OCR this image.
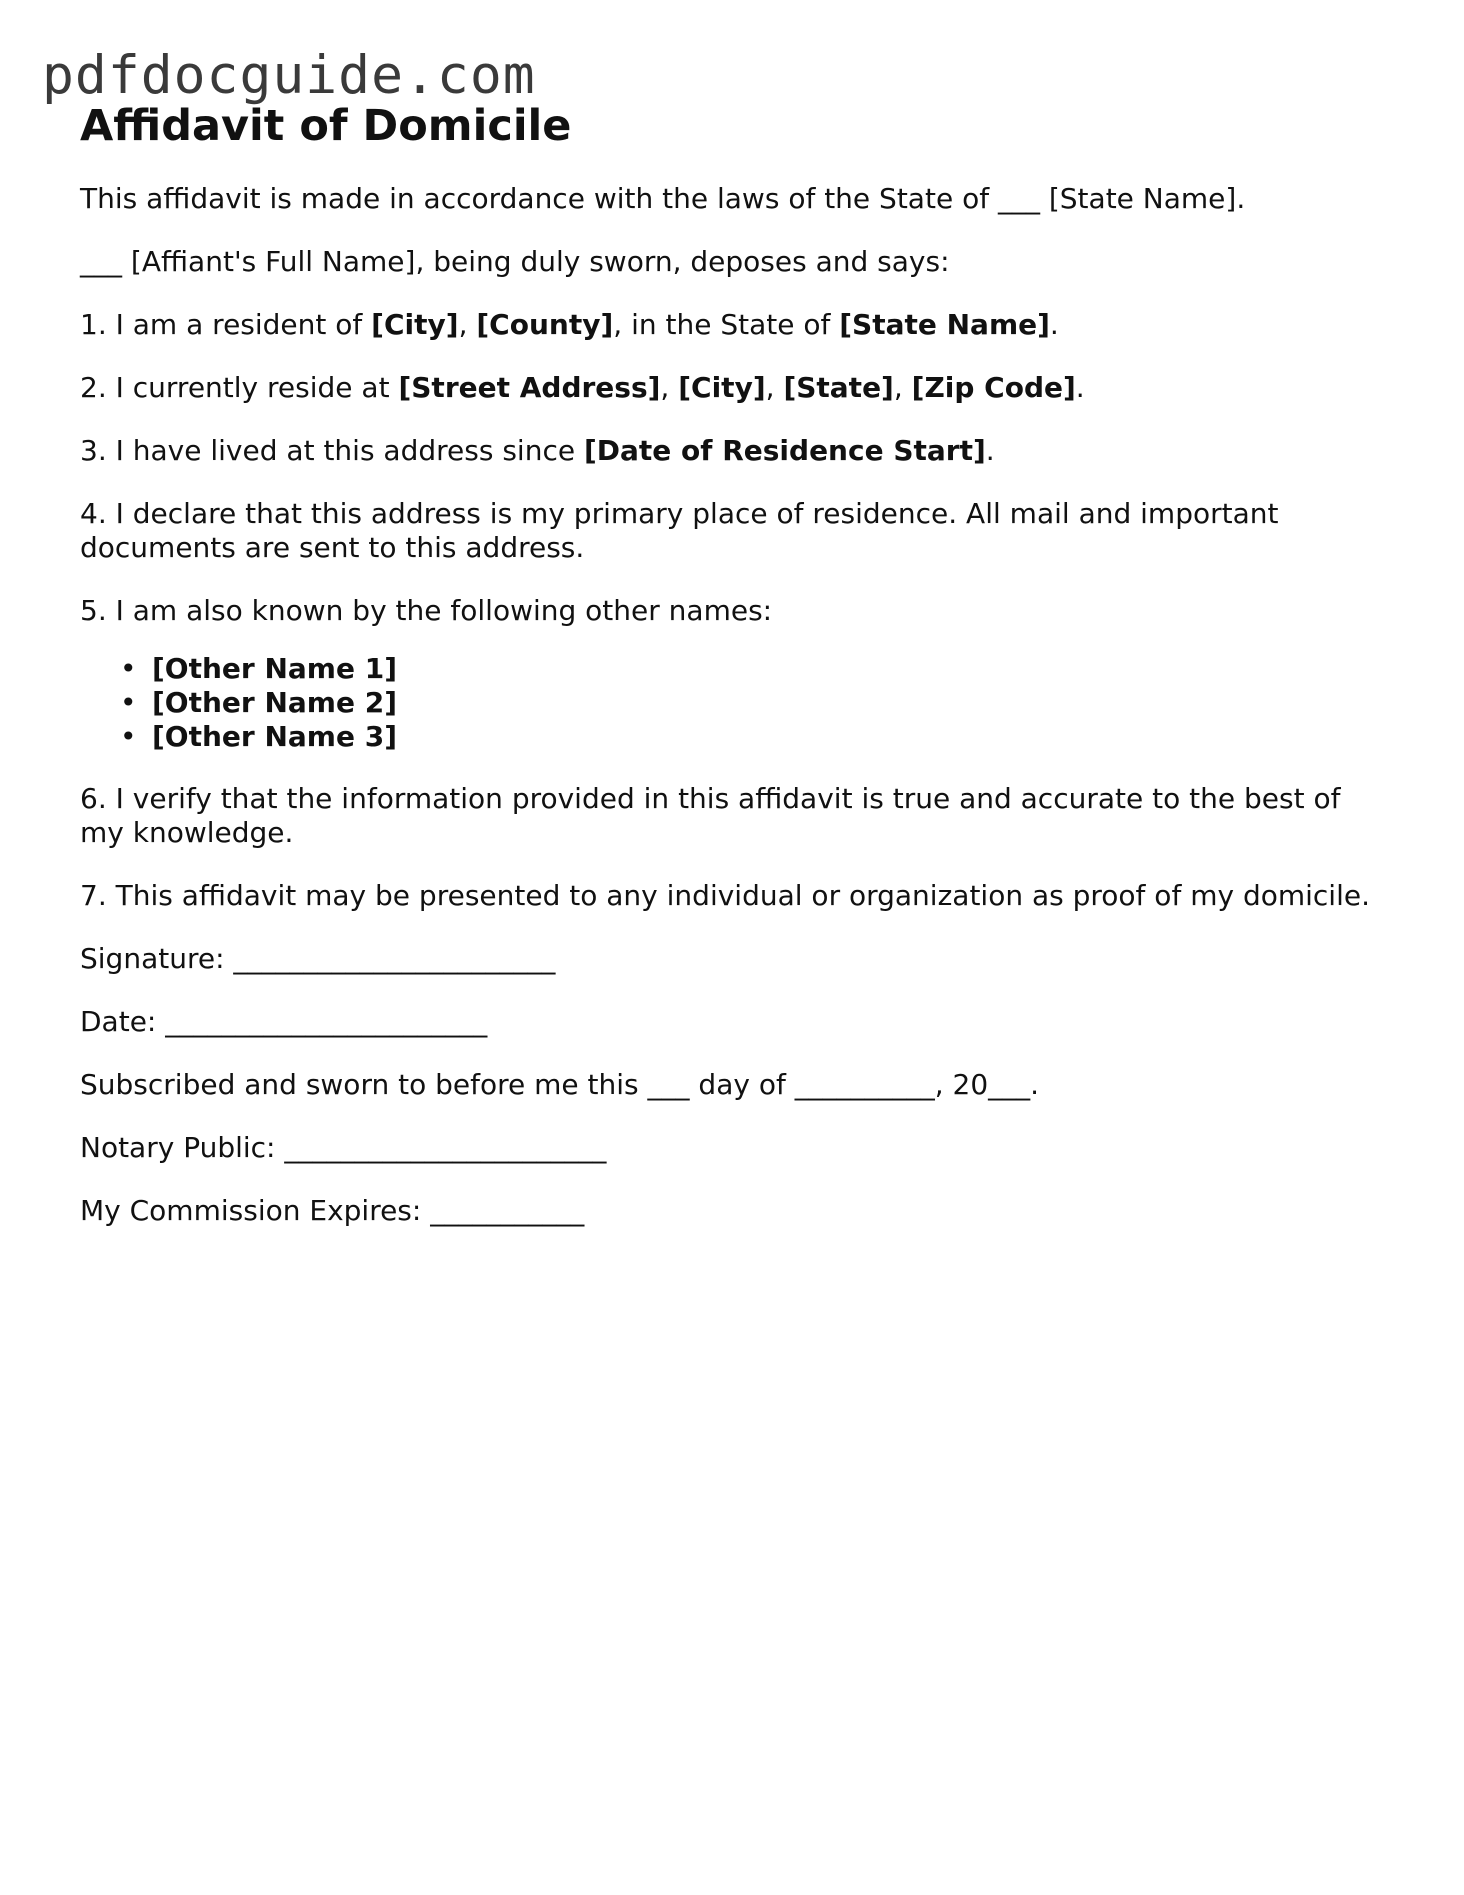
pdfdocguide.com
Affidavit of Domicile

This affidavit is made in accordance with the laws of the State of ___ [State Name].

___ [Affiant's Full Name], being duly sworn, deposes and says:

1. I am a resident of [City], [County], in the State of [State Name].

2. I currently reside at [Street Address], [City], [State], [Zip Code].

3. I have lived at this address since [Date of Residence Start].

4. I declare that this address is my primary place of residence. All mail and important documents are sent to this address.

5. I am also known by the following other names:

• [Other Name 1]
• [Other Name 2]
• [Other Name 3]

6. I verify that the information provided in this affidavit is true and accurate to the best of my knowledge.

7. This affidavit may be presented to any individual or organization as proof of my domicile.

Signature: _______________________

Date: _______________________

Subscribed and sworn to before me this ___ day of __________, 20___.

Notary Public: _______________________

My Commission Expires: ___________
